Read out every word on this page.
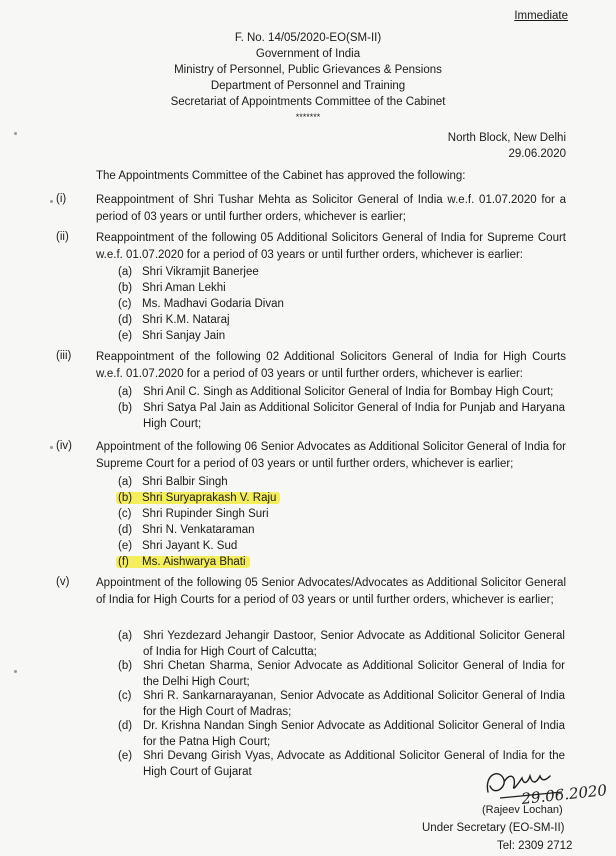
Immediate
F. No. 14/05/2020-EO(SM-II)
Government of India
Ministry of Personnel, Public Grievances & Pensions
Department of Personnel and Training
Secretariat of Appointments Committee of the Cabinet
*******
North Block, New Delhi
29.06.2020
The Appointments Committee of the Cabinet has approved the following:
(i)	Reappointment of Shri Tushar Mehta as Solicitor General of India w.e.f. 01.07.2020 for a period of 03 years or until further orders, whichever is earlier;
(ii) Reappointment of the following 05 Additional Solicitors General of India for Supreme Court w.e.f. 01.07.2020 for a period of 03 years or until further orders, whichever is earlier:
(a) Shri Vikramjit Banerjee
(b) Shri Aman Lekhi
(c) Ms. Madhavi Godaria Divan
(d) Shri K.M. Nataraj
(e) Shri Sanjay Jain
(iii) Reappointment of the following 02 Additional Solicitors General of India for High Courts w.e.f. 01.07.2020 for a period of 03 years or until further orders, whichever is earlier:
(a) Shri Anil C. Singh as Additional Solicitor General of India for Bombay High Court;
(b) Shri Satya Pal Jain as Additional Solicitor General of India for Punjab and Haryana High Court;
(iv) Appointment of the following 06 Senior Advocates as Additional Solicitor General of India for Supreme Court for a period of 03 years or until further orders, whichever is earlier;
(a) Shri Balbir Singh
(b) Shri Suryaprakash V. Raju
(c) Shri Rupinder Singh Suri
(d) Shri N. Venkataraman
(e) Shri Jayant K. Sud
(f) Ms. Aishwarya Bhati
(v) Appointment of the following 05 Senior Advocates/Advocates as Additional Solicitor General of India for High Courts for a period of 03 years or until further orders, whichever is earlier;
(a) Shri Yezdezard Jehangir Dastoor, Senior Advocate as Additional Solicitor General of India for High Court of Calcutta;
(b) Shri Chetan Sharma, Senior Advocate as Additional Solicitor General of India for the Delhi High Court;
(c) Shri R. Sankarnarayanan, Senior Advocate as Additional Solicitor General of India for the High Court of Madras;
(d) Dr. Krishna Nandan Singh Senior Advocate as Additional Solicitor General of India for the Patna High Court;
(e) Shri Devang Girish Vyas, Advocate as Additional Solicitor General of India for the High Court of Gujarat
29.06.2020
(Rajeev Lochan)
Under Secretary (EO-SM-II)
Tel: 2309 2712
